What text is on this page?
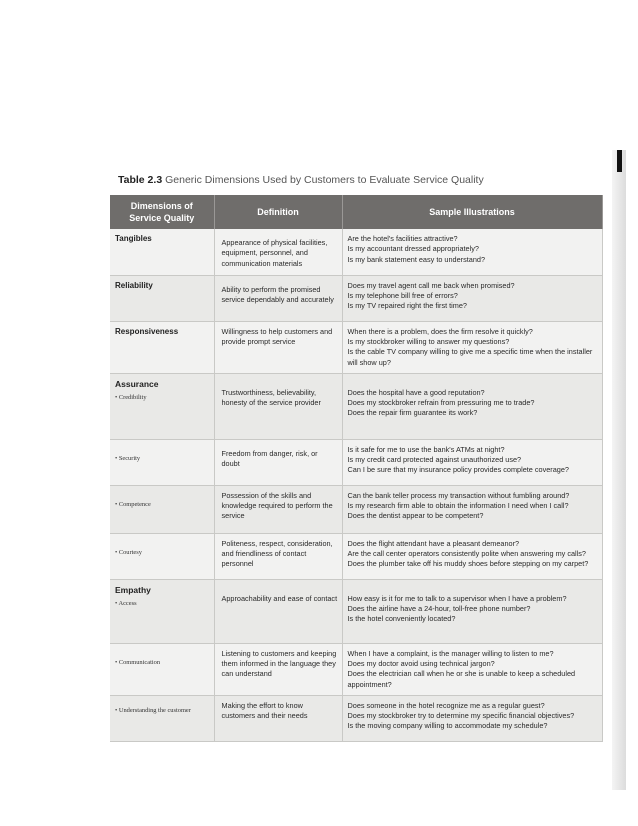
Table 2.3 Generic Dimensions Used by Customers to Evaluate Service Quality
Dimensions of
Service Quality	Definition	Sample Illustrations
Tangibles	Appearance of physical facilities, equipment, personnel, and communication materials	Are the hotel's facilities attractive?
Is my accountant dressed appropriately?
Is my bank statement easy to understand?

Reliability	Ability to perform the promised service dependably and accurately	Does my travel agent call me back when promised?
Is my telephone bill free of errors?
Is my TV repaired right the first time?

Responsiveness	Willingness to help customers and provide prompt service	When there is a problem, does the firm resolve it quickly?
Is my stockbroker willing to answer my questions?
Is the cable TV company willing to give me a specific time when the installer will show up?

Assurance
• Credibility	Trustworthiness, believability, honesty of the service provider	Does the hospital have a good reputation?
Does my stockbroker refrain from pressuring me to trade?
Does the repair firm guarantee its work?

• Security	Freedom from danger, risk, or doubt	Is it safe for me to use the bank's ATMs at night?
Is my credit card protected against unauthorized use?
Can I be sure that my insurance policy provides complete coverage?

• Competence	Possession of the skills and knowledge required to perform the service	Can the bank teller process my transaction without fumbling around?
Is my research firm able to obtain the information I need when I call?
Does the dentist appear to be competent?

• Courtesy	Politeness, respect, consideration, and friendliness of contact personnel	Does the flight attendant have a pleasant demeanor?
Are the call center operators consistently polite when answering my calls?
Does the plumber take off his muddy shoes before stepping on my carpet?

Empathy
• Access	Approachability and ease of contact	How easy is it for me to talk to a supervisor when I have a problem?
Does the airline have a 24-hour, toll-free phone number?
Is the hotel conveniently located?

• Communication	Listening to customers and keeping them informed in the language they can understand	When I have a complaint, is the manager willing to listen to me?
Does my doctor avoid using technical jargon?
Does the electrician call when he or she is unable to keep a scheduled appointment?

• Understanding the customer	Making the effort to know customers and their needs	Does someone in the hotel recognize me as a regular guest?
Does my stockbroker try to determine my specific financial objectives?
Is the moving company willing to accommodate my schedule?
